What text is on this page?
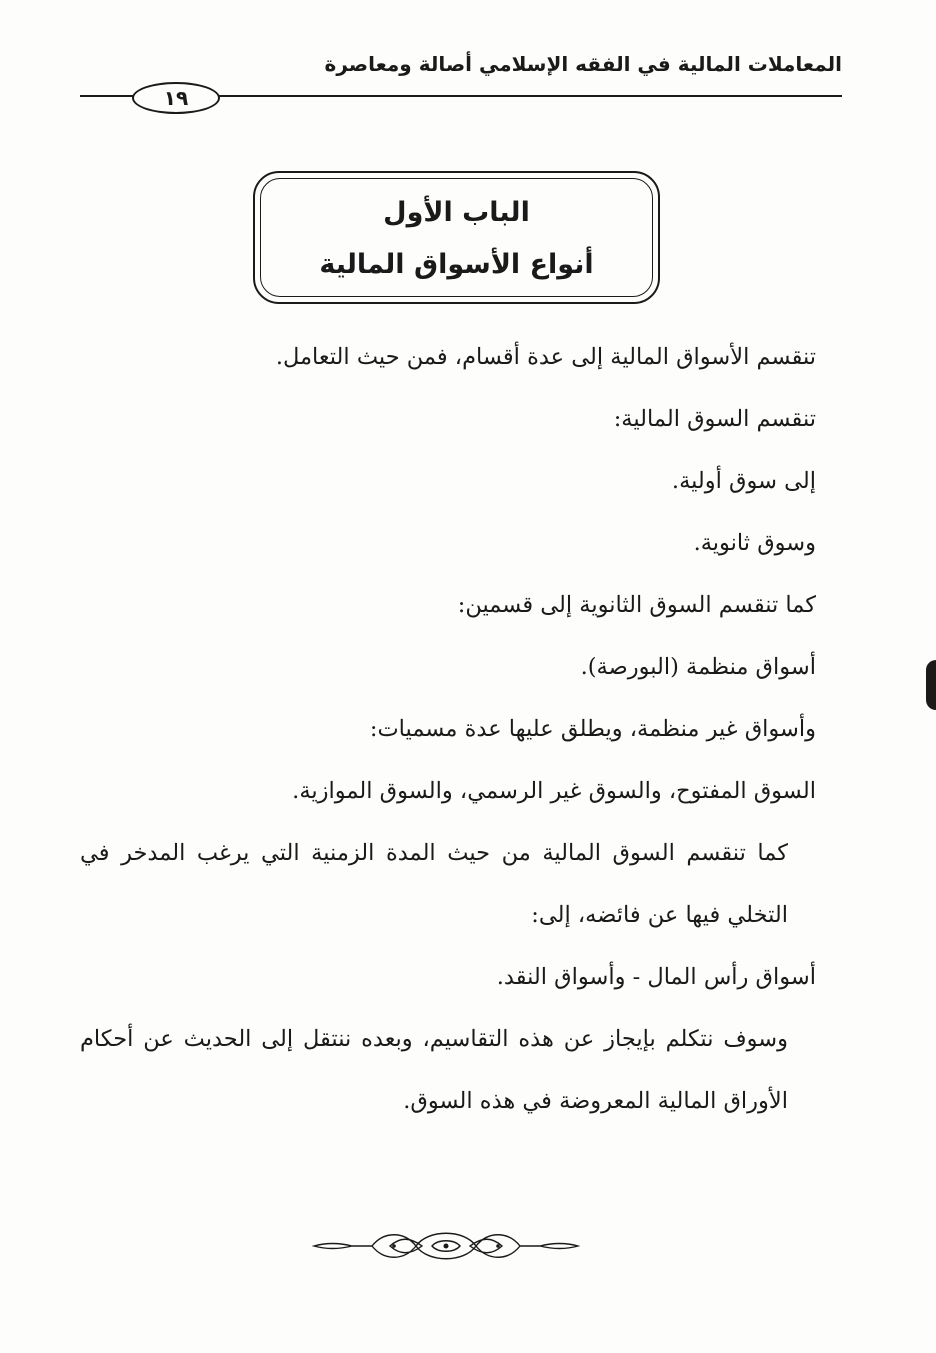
المعاملات المالية في الفقه الإسلامي أصالة ومعاصرة
١٩
الباب الأول
أنواع الأسواق المالية

تنقسم الأسواق المالية إلى عدة أقسام، فمن حيث التعامل.

تنقسم السوق المالية:

إلى سوق أولية.

وسوق ثانوية.

كما تنقسم السوق الثانوية إلى قسمين:

أسواق منظمة (البورصة).

وأسواق غير منظمة، ويطلق عليها عدة مسميات:

السوق المفتوح، والسوق غير الرسمي، والسوق الموازية.

كما تنقسم السوق المالية من حيث المدة الزمنية التي يرغب المدخر في التخلي فيها عن فائضه، إلى:

أسواق رأس المال - وأسواق النقد.

وسوف نتكلم بإيجاز عن هذه التقاسيم، وبعده ننتقل إلى الحديث عن أحكام الأوراق المالية المعروضة في هذه السوق.
